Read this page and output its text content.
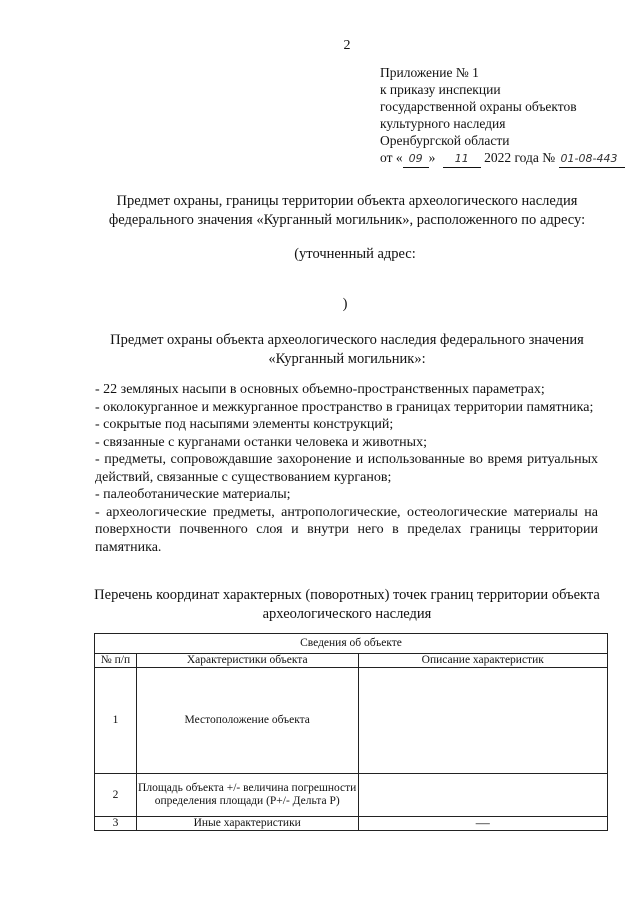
2
Приложение № 1
к приказу инспекции
государственной охраны объектов
культурного наследия
Оренбургской области
от « 09 » 11 2022 года № 01-08-443
Предмет охраны, границы территории объекта археологического наследия федерального значения «Курганный могильник», расположенного по адресу:
(уточненный адрес:
)
Предмет охраны объекта археологического наследия федерального значения «Курганный могильник»:

- 22 земляных насыпи в основных объемно-пространственных параметрах;

- околокурганное и межкурганное пространство в границах территории памятника;

- сокрытые под насыпями элементы конструкций;

- связанные с курганами останки человека и животных;

- предметы, сопровождавшие захоронение и использованные во время ритуальных действий, связанные с существованием курганов;

- палеоботанические материалы;

- археологические предметы, антропологические, остеологические материалы на поверхности почвенного слоя и внутри него в пределах границы территории памятника.

Перечень координат характерных (поворотных) точек границ территории объекта археологического наследия
Сведения об объекте		
№ п/п	Характеристики объекта	Описание характеристик
1	Местоположение объекта	
2	Площадь объекта +/- величина погрешности определения площади (Р+/- Дельта Р)	
3	Иные характеристики	—
